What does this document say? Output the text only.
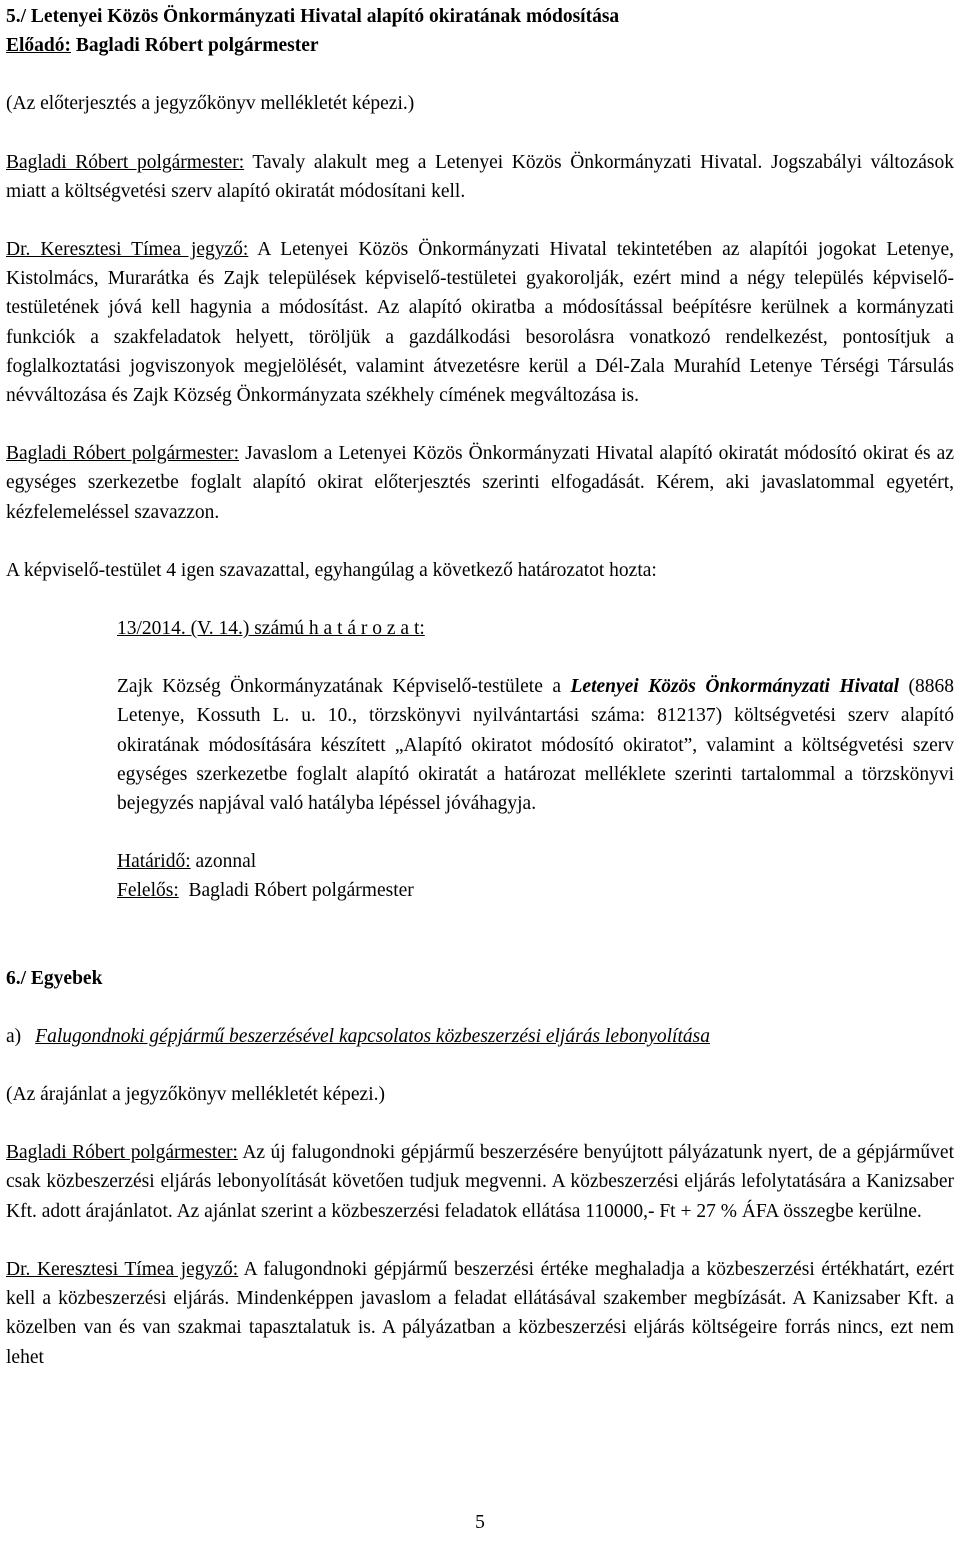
5./ Letenyei Közös Önkormányzati Hivatal alapító okiratának módosítása

Előadó: Bagladi Róbert polgármester

(Az előterjesztés a jegyzőkönyv mellékletét képezi.)

Bagladi Róbert polgármester: Tavaly alakult meg a Letenyei Közös Önkormányzati Hivatal. Jogszabályi változások miatt a költségvetési szerv alapító okiratát módosítani kell.

Dr. Keresztesi Tímea jegyző: A Letenyei Közös Önkormányzati Hivatal tekintetében az alapítói jogokat Letenye, Kistolmács, Murarátka és Zajk települések képviselő-testületei gyakorolják, ezért mind a négy település képviselő-testületének jóvá kell hagynia a módosítást. Az alapító okiratba a módosítással beépítésre kerülnek a kormányzati funkciók a szakfeladatok helyett, töröljük a gazdálkodási besorolásra vonatkozó rendelkezést, pontosítjuk a foglalkoztatási jogviszonyok megjelölését, valamint átvezetésre kerül a Dél-Zala Murahíd Letenye Térségi Társulás névváltozása és Zajk Község Önkormányzata székhely címének megváltozása is.

Bagladi Róbert polgármester: Javaslom a Letenyei Közös Önkormányzati Hivatal alapító okiratát módosító okirat és az egységes szerkezetbe foglalt alapító okirat előterjesztés szerinti elfogadását. Kérem, aki javaslatommal egyetért, kézfelemeléssel szavazzon.

A képviselő-testület 4 igen szavazattal, egyhangúlag a következő határozatot hozta:

13/2014. (V. 14.) számú h a t á r o z a t:

Zajk Község Önkormányzatának Képviselő-testülete a Letenyei Közös Önkormányzati Hivatal (8868 Letenye, Kossuth L. u. 10., törzskönyvi nyilvántartási száma: 812137) költségvetési szerv alapító okiratának módosítására készített „Alapító okiratot módosító okiratot”, valamint a költségvetési szerv egységes szerkezetbe foglalt alapító okiratát a határozat melléklete szerinti tartalommal a törzskönyvi bejegyzés napjával való hatályba lépéssel jóváhagyja.

Határidő: azonnal

Felelős:  Bagladi Róbert polgármester

6./ Egyebek

a) Falugondnoki gépjármű beszerzésével kapcsolatos közbeszerzési eljárás lebonyolítása

(Az árajánlat a jegyzőkönyv mellékletét képezi.)

Bagladi Róbert polgármester: Az új falugondnoki gépjármű beszerzésére benyújtott pályázatunk nyert, de a gépjárművet csak közbeszerzési eljárás lebonyolítását követően tudjuk megvenni. A közbeszerzési eljárás lefolytatására a Kanizsaber Kft. adott árajánlatot. Az ajánlat szerint a közbeszerzési feladatok ellátása 110000,- Ft + 27 % ÁFA összegbe kerülne.

Dr. Keresztesi Tímea jegyző: A falugondnoki gépjármű beszerzési értéke meghaladja a közbeszerzési értékhatárt, ezért kell a közbeszerzési eljárás. Mindenképpen javaslom a feladat ellátásával szakember megbízását. A Kanizsaber Kft. a közelben van és van szakmai tapasztalatuk is. A pályázatban a közbeszerzési eljárás költségeire forrás nincs, ezt nem lehet

5
